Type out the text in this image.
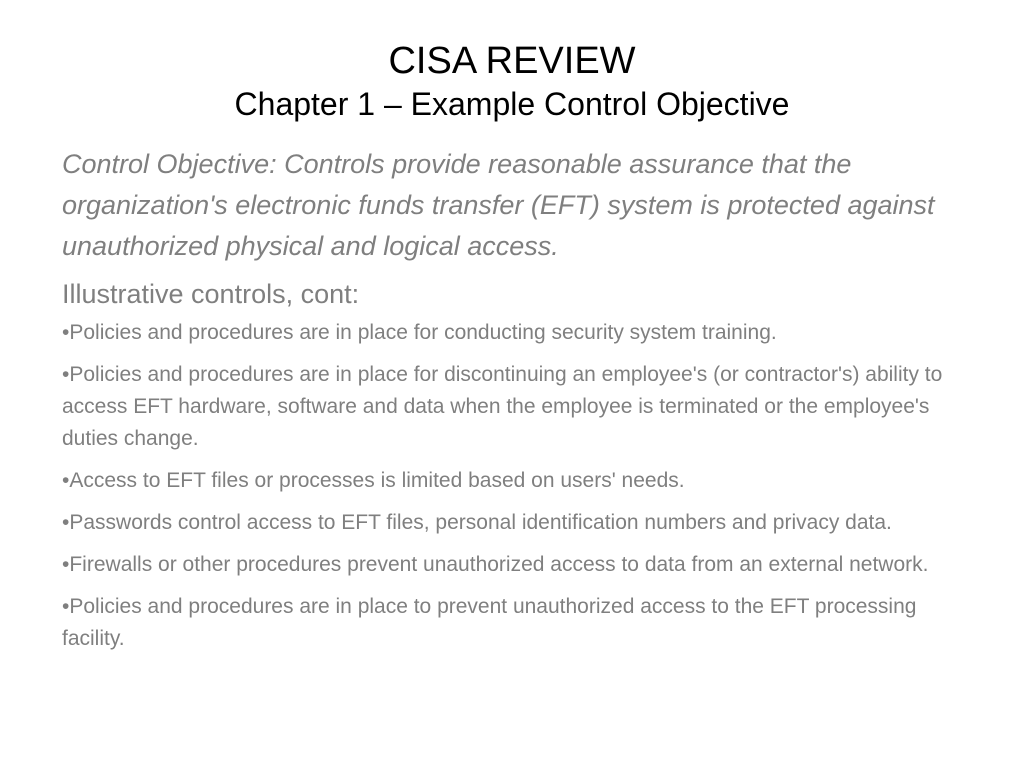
CISA REVIEW
Chapter 1 – Example Control Objective

Control Objective: Controls provide reasonable assurance that the organization's electronic funds transfer (EFT) system is protected against unauthorized physical and logical access.

Illustrative controls, cont:

•Policies and procedures are in place for conducting security system training.
•Policies and procedures are in place for discontinuing an employee's (or contractor's) ability to access EFT hardware, software and data when the employee is terminated or the employee's duties change.
•Access to EFT files or processes is limited based on users' needs.
•Passwords control access to EFT files, personal identification numbers and privacy data.
•Firewalls or other procedures prevent unauthorized access to data from an external network.
•Policies and procedures are in place to prevent unauthorized access to the EFT processing facility.
